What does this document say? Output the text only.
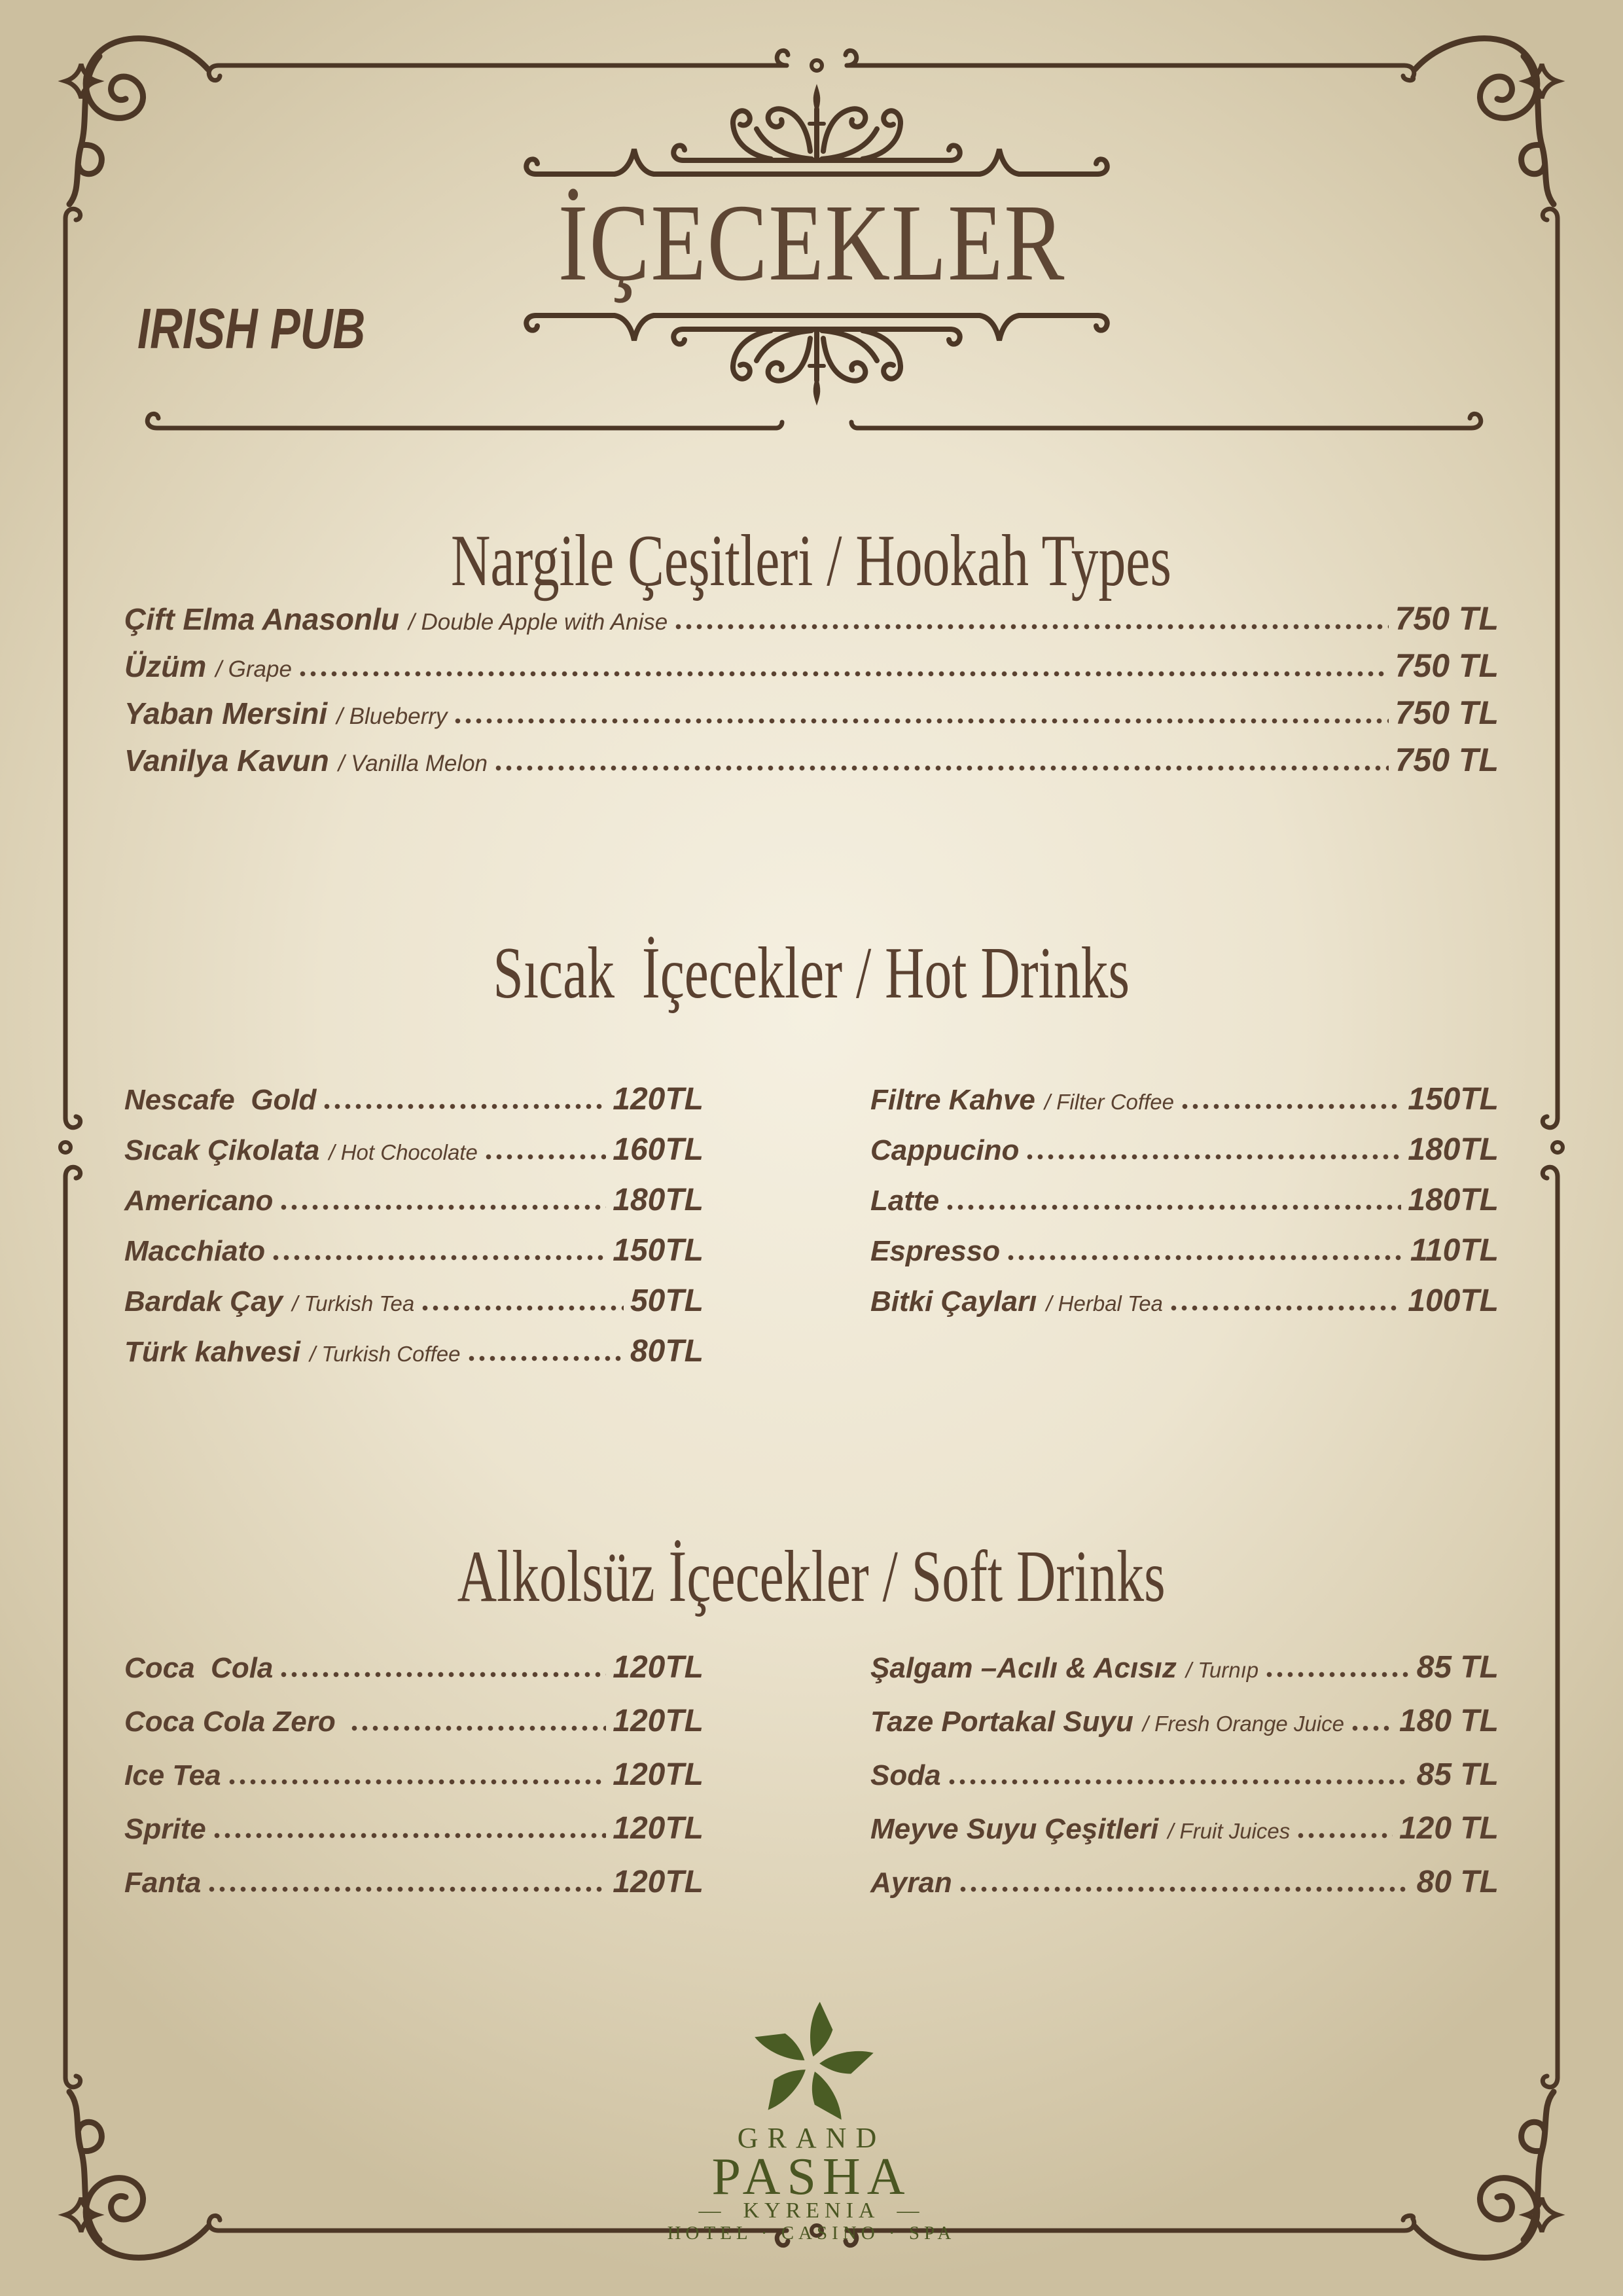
IRISH PUB
İÇECEKLER
Nargile Çeşitleri / Hookah Types
Çift Elma Anasonlu / Double Apple with Anise	750 TL
Üzüm / Grape	750 TL
Yaban Mersini / Blueberry	750 TL
Vanilya Kavun / Vanilla Melon	750 TL
Sıcak  İçecekler / Hot Drinks
Nescafe  Gold	120TL
Sıcak Çikolata / Hot Chocolate	160TL
Americano	180TL
Macchiato	150TL
Bardak Çay / Turkish Tea	50TL
Türk kahvesi / Turkish Coffee	80TL
Filtre Kahve / Filter Coffee	150TL
Cappucino	180TL
Latte	180TL
Espresso	110TL
Bitki Çayları / Herbal Tea	100TL
Alkolsüz İçecekler / Soft Drinks
Coca  Cola	120TL
Coca Cola Zero	120TL
Ice Tea	120TL
Sprite	120TL
Fanta	120TL
Şalgam –Acılı & Acısız / Turnıp	85 TL
Taze Portakal Suyu / Fresh Orange Juice 180 TL
Soda	85 TL
Meyve Suyu Çeşitleri / Fruit Juices	120 TL
Ayran	80 TL
GRAND
PASHA
— KYRENIA —
HOTEL · CASINO · SPA
